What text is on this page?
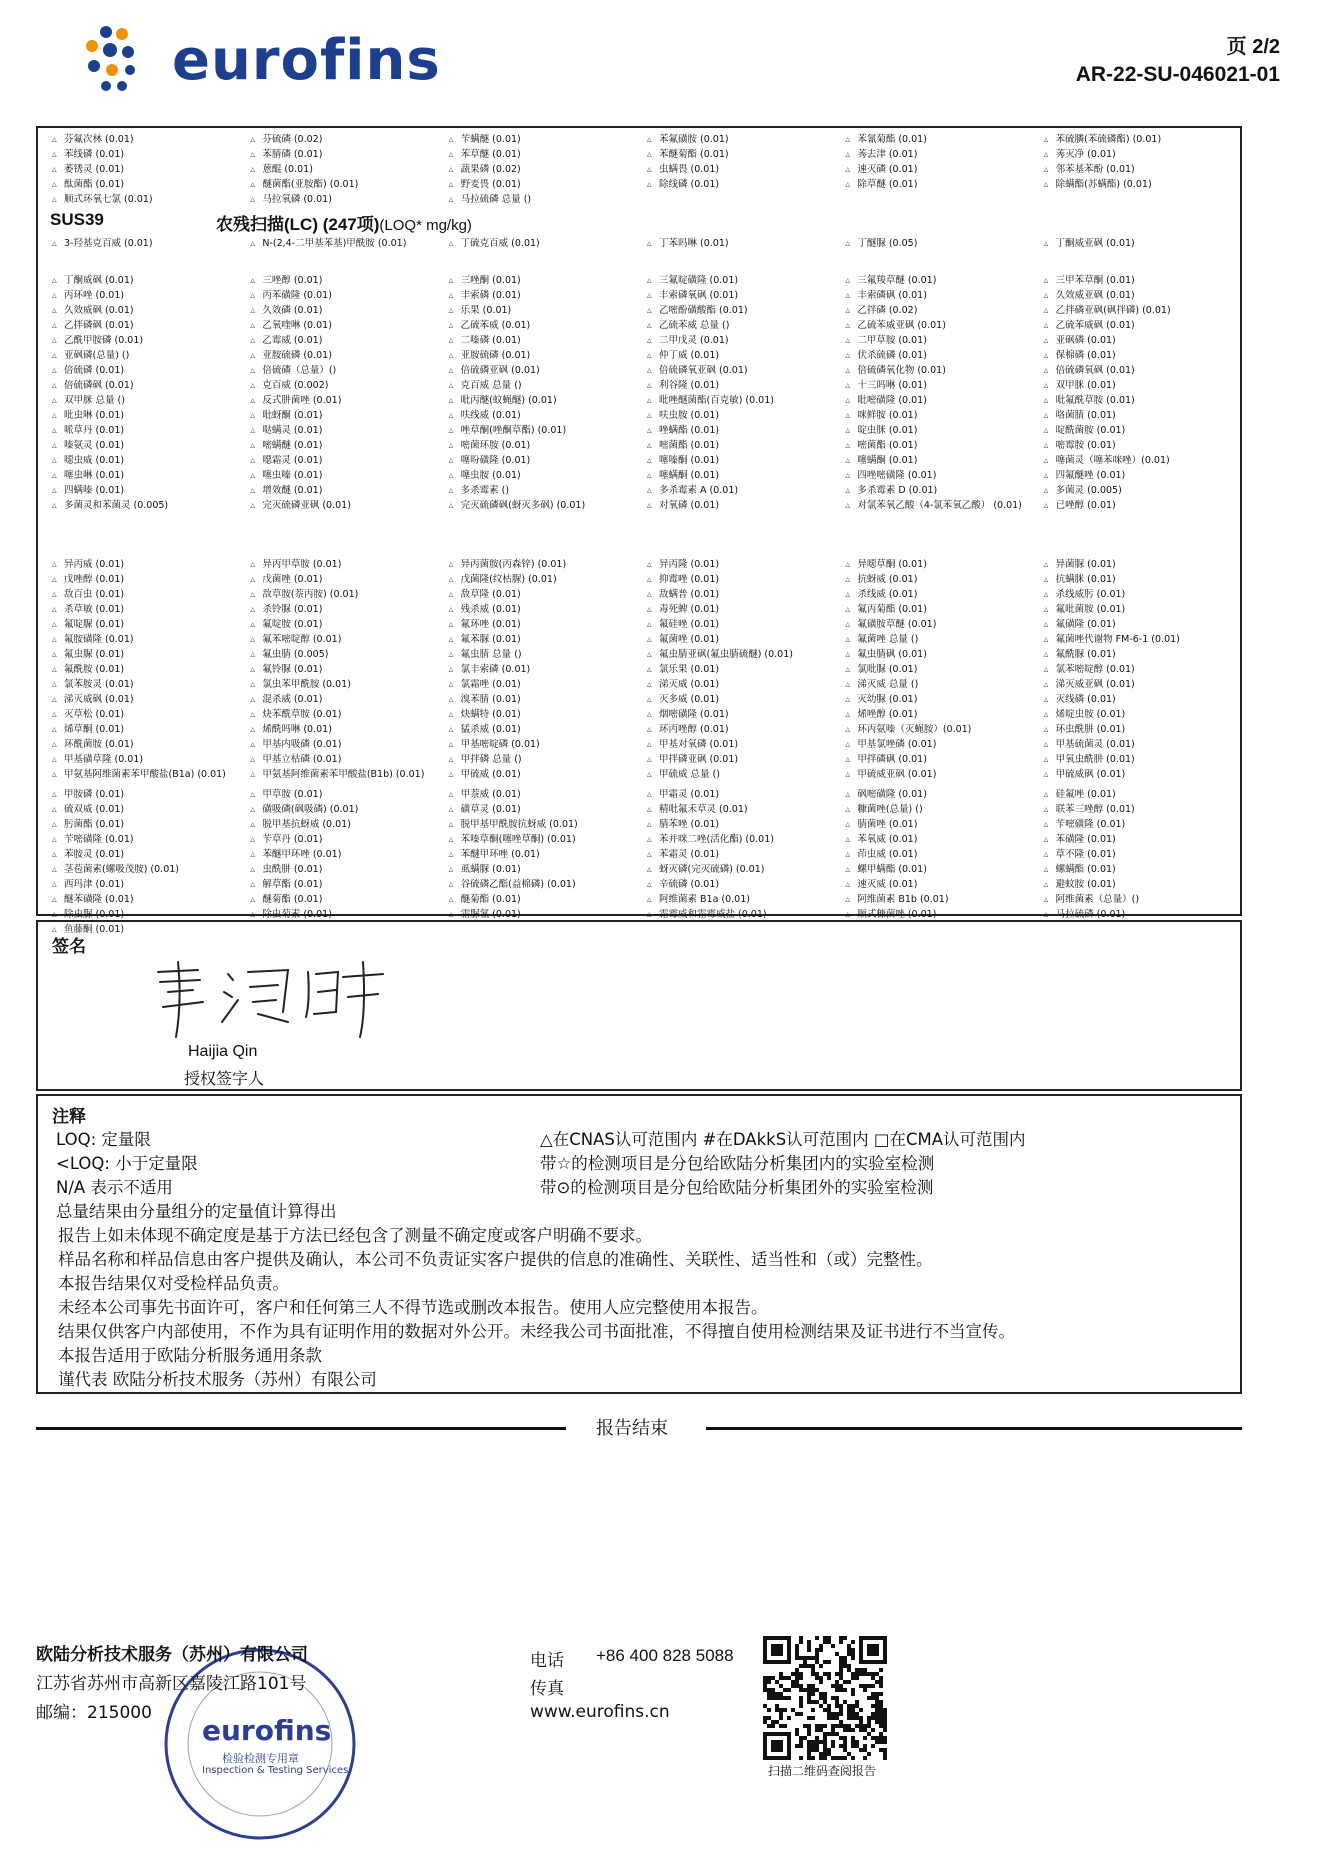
eurofins	页 2/2
AR-22-SU-046021-01
△ 芬氟次林 (0.01)	△ 芬硫磷 (0.02)	△ 苄螨醚 (0.01)	△ 苯氟磺胺 (0.01)	△ 苯氰菊酯 (0.01)	△ 苯硫膦(苯硫磷酯) (0.01)
△ 苯线磷 (0.01)	△ 苯腈磷 (0.01)	△ 苯草醚 (0.01)	△ 苯醚菊酯 (0.01)	△ 莠去津 (0.01)	△ 莠灭净 (0.01)
△ 萎锈灵 (0.01)	△ 蒽醌 (0.01)	△ 蔬果磷 (0.02)	△ 虫螨畏 (0.01)	△ 速灭磷 (0.01)	△ 邻苯基苯酚 (0.01)
△ 酞菌酯 (0.01)	△ 醚菌酯(亚胺酯) (0.01)	△ 野麦畏 (0.01)	△ 除线磷 (0.01)	△ 除草醚 (0.01)	△ 除螨酯(苏螨酯) (0.01)
△ 顺式环氧七氯 (0.01)	△ 马拉氧磷 (0.01)	△ 马拉硫磷 总量 ()
SUS39	农残扫描(LC) (247项)(LOQ* mg/kg)
△ 3-羟基克百威 (0.01)	△ N-(2,4-二甲基苯基)甲酰胺 (0.01)	△ 丁硫克百威 (0.01)	△ 丁苯吗啉 (0.01)	△ 丁醚脲 (0.05)	△ 丁酮威亚砜 (0.01)
△ 丁酮威砜 (0.01)	△ 三唑醇 (0.01)	△ 三唑酮 (0.01)	△ 三氟啶磺隆 (0.01)	△ 三氟羧草醚 (0.01)	△ 三甲苯草酮 (0.01)
△ 丙环唑 (0.01)	△ 丙苯磺隆 (0.01)	△ 丰索磷 (0.01)	△ 丰索磷氧砜 (0.01)	△ 丰索磷砜 (0.01)	△ 久效威亚砜 (0.01)
△ 久效威砜 (0.01)	△ 久效磷 (0.01)	△ 乐果 (0.01)	△ 乙嘧酚磺酸酯 (0.01)	△ 乙拌磷 (0.02)	△ 乙拌磷亚砜(砜拌磷) (0.01)
△ 乙拌磷砜 (0.01)	△ 乙氧喹啉 (0.01)	△ 乙硫苯威 (0.01)	△ 乙硫苯威 总量 ()	△ 乙硫苯威亚砜 (0.01)	△ 乙硫苯威砜 (0.01)
△ 乙酰甲胺磷 (0.01)	△ 乙霉威 (0.01)	△ 二嗪磷 (0.01)	△ 二甲戊灵 (0.01)	△ 二甲草胺 (0.01)	△ 亚砜磷 (0.01)
△ 亚砜磷(总量) ()	△ 亚胺硫磷 (0.01)	△ 亚胺硫磷 (0.01)	△ 仲丁威 (0.01)	△ 伏杀硫磷 (0.01)	△ 保棉磷 (0.01)
△ 倍硫磷 (0.01)	△ 倍硫磷（总量）()	△ 倍硫磷亚砜 (0.01)	△ 倍硫磷氧亚砜 (0.01)	△ 倍硫磷氧化物 (0.01)	△ 倍硫磷氧砜 (0.01)
△ 倍硫磷砜 (0.01)	△ 克百威 (0.002)	△ 克百威 总量 ()	△ 利谷隆 (0.01)	△ 十三吗啉 (0.01)	△ 双甲脒 (0.01)
△ 双甲脒 总量 ()	△ 反式肼菌唑 (0.01)	△ 吡丙醚(蚊蝇醚) (0.01)	△ 吡唑醚菌酯(百克敏) (0.01)	△ 吡嘧磺隆 (0.01)	△ 吡氟酰草胺 (0.01)
△ 吡虫啉 (0.01)	△ 吡蚜酮 (0.01)	△ 呋线威 (0.01)	△ 呋虫胺 (0.01)	△ 咪鲜胺 (0.01)	△ 咯菌腈 (0.01)
△ 哌草丹 (0.01)	△ 哒螨灵 (0.01)	△ 唑草酮(唑酮草酯) (0.01)	△ 唑螨酯 (0.01)	△ 啶虫脒 (0.01)	△ 啶酰菌胺 (0.01)
△ 嗪氨灵 (0.01)	△ 嘧螨醚 (0.01)	△ 嘧菌环胺 (0.01)	△ 嘧菌酯 (0.01)	△ 嘧菌酯 (0.01)	△ 嘧霉胺 (0.01)
△ 噁虫威 (0.01)	△ 噁霜灵 (0.01)	△ 噻吩磺隆 (0.01)	△ 噻嗪酮 (0.01)	△ 噻螨酮 (0.01)	△ 噻菌灵（噻苯咪唑）(0.01)
△ 噻虫啉 (0.01)	△ 噻虫嗪 (0.01)	△ 噻虫胺 (0.01)	△ 噻螨酮 (0.01)	△ 四唑嘧磺隆 (0.01)	△ 四氟醚唑 (0.01)
△ 四螨嗪 (0.01)	△ 增效醚 (0.01)	△ 多杀霉素 ()	△ 多杀霉素 A (0.01)	△ 多杀霉素 D (0.01)	△ 多菌灵 (0.005)
△ 多菌灵和苯菌灵 (0.005)	△ 完灭硫磷亚砜 (0.01)	△ 完灭硫磷砜(蚜灭多砜) (0.01)	△ 对氧磷 (0.01)	△ 对氯苯氧乙酸（4-氯苯氧乙酸） (0.01)	△ 已唑醇 (0.01)
△ 异丙威 (0.01)	△ 异丙甲草胺 (0.01)	△ 异丙菌胺(丙森锌) (0.01)	△ 异丙隆 (0.01)	△ 异噁草酮 (0.01)	△ 异菌脲 (0.01)
△ 戊唑醇 (0.01)	△ 戊菌唑 (0.01)	△ 戊菌隆(纹枯脲) (0.01)	△ 抑霉唑 (0.01)	△ 抗蚜威 (0.01)	△ 抗螨脒 (0.01)
△ 敌百虫 (0.01)	△ 敌草胺(萘丙胺) (0.01)	△ 敌草隆 (0.01)	△ 敌螨普 (0.01)	△ 杀线威 (0.01)	△ 杀线威肟 (0.01)
△ 杀草敏 (0.01)	△ 杀铃脲 (0.01)	△ 残杀威 (0.01)	△ 毒死蜱 (0.01)	△ 氟丙菊酯 (0.01)	△ 氟吡菌胺 (0.01)
△ 氟啶脲 (0.01)	△ 氟啶胺 (0.01)	△ 氟环唑 (0.01)	△ 氟硅唑 (0.01)	△ 氟磺胺草醚 (0.01)	△ 氟磺隆 (0.01)
△ 氟胺磺隆 (0.01)	△ 氟苯嘧啶醇 (0.01)	△ 氟苯脲 (0.01)	△ 氟菌唑 (0.01)	△ 氟菌唑 总量 ()	△ 氟菌唑代谢物 FM-6-1 (0.01)
△ 氟虫脲 (0.01)	△ 氟虫腈 (0.005)	△ 氟虫腈 总量 ()	△ 氟虫腈亚砜(氟虫腈硫醚) (0.01)	△ 氟虫腈砜 (0.01)	△ 氟酰脲 (0.01)
△ 氟酰胺 (0.01)	△ 氟铃脲 (0.01)	△ 氯丰索磷 (0.01)	△ 氯乐果 (0.01)	△ 氯吡脲 (0.01)	△ 氯苯嘧啶醇 (0.01)
△ 氯苯胺灵 (0.01)	△ 氯虫苯甲酰胺 (0.01)	△ 氯霜唑 (0.01)	△ 涕灭威 (0.01)	△ 涕灭威 总量 ()	△ 涕灭威亚砜 (0.01)
△ 涕灭威砜 (0.01)	△ 混杀威 (0.01)	△ 溴苯腈 (0.01)	△ 灭多威 (0.01)	△ 灭幼脲 (0.01)	△ 灭线磷 (0.01)
△ 灭草松 (0.01)	△ 炔苯酰草胺 (0.01)	△ 炔螨特 (0.01)	△ 烟嘧磺隆 (0.01)	△ 烯唑醇 (0.01)	△ 烯啶虫胺 (0.01)
△ 烯草酮 (0.01)	△ 烯酰吗啉 (0.01)	△ 猛杀威 (0.01)	△ 环丙唑醇 (0.01)	△ 环丙氨嗪（灭蝇胺）(0.01)	△ 环虫酰肼 (0.01)
△ 环酰菌胺 (0.01)	△ 甲基内吸磷 (0.01)	△ 甲基嘧啶磷 (0.01)	△ 甲基对氧磷 (0.01)	△ 甲基氯唑磷 (0.01)	△ 甲基硫菌灵 (0.01)
△ 甲基磺草隆 (0.01)	△ 甲基立枯磷 (0.01)	△ 甲拌磷 总量 ()	△ 甲拌磷亚砜 (0.01)	△ 甲拌磷砜 (0.01)	△ 甲氧虫酰肼 (0.01)
△ 甲氨基阿维菌素苯甲酸盐(B1a) (0.01)	△ 甲氨基阿维菌素苯甲酸盐(B1b) (0.01)	△ 甲硫威 (0.01)	△ 甲硫威 总量 ()	△ 甲硫威亚砜 (0.01)	△ 甲硫威砜 (0.01)
△ 甲胺磷 (0.01)	△ 甲草胺 (0.01)	△ 甲萘威 (0.01)	△ 甲霜灵 (0.01)	△ 砜嘧磺隆 (0.01)	△ 硅氟唑 (0.01)
△ 硫双威 (0.01)	△ 磺吸磷(砜吸磷) (0.01)	△ 磺草灵 (0.01)	△ 精吡氟禾草灵 (0.01)	△ 糠菌唑(总量) ()	△ 联苯三唑醇 (0.01)
△ 肟菌酯 (0.01)	△ 脱甲基抗蚜威 (0.01)	△ 脱甲基甲酰胺抗蚜威 (0.01)	△ 腈苯唑 (0.01)	△ 腈菌唑 (0.01)	△ 苄嘧磺隆 (0.01)
△ 苄嘧磺隆 (0.01)	△ 苄草丹 (0.01)	△ 苯嗪草酮(噻唑草酮) (0.01)	△ 苯并咪二唑(活化酯) (0.01)	△ 苯氧威 (0.01)	△ 苯磺隆 (0.01)
△ 苯胺灵 (0.01)	△ 苯醚甲环唑 (0.01)	△ 苯醚甲环唑 (0.01)	△ 苯霜灵 (0.01)	△ 茚虫威 (0.01)	△ 草不隆 (0.01)
△ 茎苞菌素(螺吸茂胺) (0.01)	△ 虫酰肼 (0.01)	△ 虱螨脲 (0.01)	△ 蚜灭磷(完灭硫磷) (0.01)	△ 螺甲螨酯 (0.01)	△ 螺螨酯 (0.01)
△ 西玛津 (0.01)	△ 解草酯 (0.01)	△ 谷硫磷乙酯(益棉磷) (0.01)	△ 辛硫磷 (0.01)	△ 速灭威 (0.01)	△ 避蚊胺 (0.01)
△ 醚苯磺隆 (0.01)	△ 醚菊酯 (0.01)	△ 醚菊酯 (0.01)	△ 阿维菌素 B1a (0.01)	△ 阿维菌素 B1b (0.01)	△ 阿维菌素（总量）()
△ 除虫脲 (0.01)	△ 除虫菊素 (0.01)	△ 霜脲氰 (0.01)	△ 霜霉威和霜霉威盐 (0.01)	△ 顺式糠菌唑 (0.01)	△ 马拉硫磷 (0.01)
△ 鱼藤酮 (0.01)
签名
Haijia Qin
授权签字人
注释
LOQ: 定量限
<LOQ: 小于定量限
N/A 表示不适用
总量结果由分量组分的定量值计算得出
△在CNAS认可范围内 #在DAkkS认可范围内 □在CMA认可范围内
带☆的检测项目是分包给欧陆分析集团内的实验室检测
带⊙的检测项目是分包给欧陆分析集团外的实验室检测
报告上如未体现不确定度是基于方法已经包含了测量不确定度或客户明确不要求。
样品名称和样品信息由客户提供及确认，本公司不负责证实客户提供的信息的准确性、关联性、适当性和（或）完整性。
本报告结果仅对受检样品负责。
未经本公司事先书面许可，客户和任何第三人不得节选或删改本报告。使用人应完整使用本报告。
结果仅供客户内部使用，不作为具有证明作用的数据对外公开。未经我公司书面批准，不得擅自使用检测结果及证书进行不当宣传。
本报告适用于欧陆分析服务通用条款
谨代表 欧陆分析技术服务（苏州）有限公司
报告结束
eurofins
检验检测专用章
Inspection & Testing Services
欧陆分析技术服务（苏州）有限公司
江苏省苏州市高新区嘉陵江路101号
邮编：215000
电话 +86 400 828 5088
传真
www.eurofins.cn
扫描二维码查阅报告
